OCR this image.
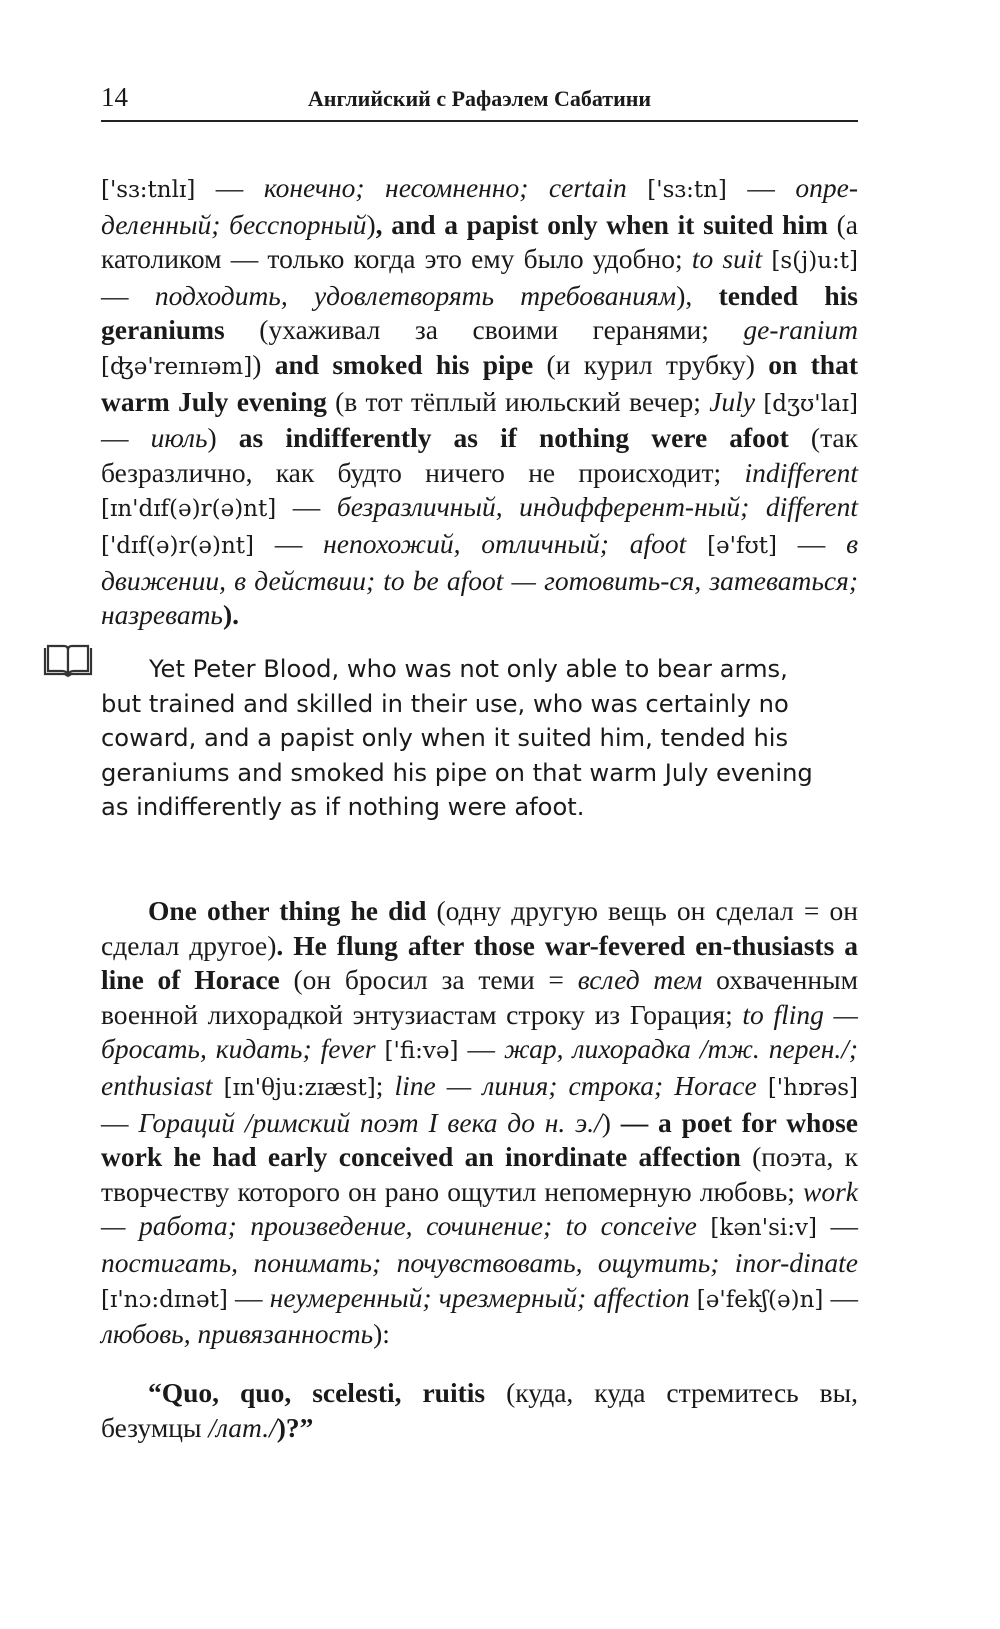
14	Английский с Рафаэлем Сабатини
['sɜ:tnlɪ] — конечно; несомненно; certain ['sɜ:tn] — опре-деленный; бесспорный), and a papist only when it suited him (а католиком — только когда это ему было удобно; to suit [s(j)u:t] — подходить, удовлетворять требованиям), tended his geraniums (ухаживал за своими геранями; ge-ranium [ʤə'reɪnɪəm]) and smoked his pipe (и курил трубку) on that warm July evening (в тот тёплый июльский вечер; July [dʒʊ'laɪ] — июль) as indifferently as if nothing were afoot (так безразлично, как будто ничего не происходит; indifferent [ɪn'dɪf(ə)r(ə)nt] — безразличный, индифферент-ный; different ['dɪf(ə)r(ə)nt] — непохожий, отличный; afoot [ə'fʊt] — в движении, в действии; to be afoot — готовить-ся, затеваться; назревать).
Yet Peter Blood, who was not only able to bear arms,
but trained and skilled in their use, who was certainly no
coward, and a papist only when it suited him, tended his
geraniums and smoked his pipe on that warm July evening
as indifferently as if nothing were afoot.
One other thing he did (одну другую вещь он сделал = он сделал другое). He flung after those war-fevered en-thusiasts a line of Horace (он бросил за теми = вслед тем охваченным военной лихорадкой энтузиастам строку из Горация; to fling — бросать, кидать; fever ['fi:və] — жар, лихорадка /тж. перен./; enthusiast [ɪn'θju:zɪæst]; line — линия; строка; Horace ['hɒrəs] — Гораций /римский поэт I века до н. э./) — a poet for whose work he had early conceived an inordinate affection (поэта, к творчеству которого он рано ощутил непомерную любовь; work — работа; произведение, сочинение; to conceive [kən'si:v] — постигать, понимать; почувствовать, ощутить; inor-dinate [ɪ'nɔ:dɪnət] — неумеренный; чрезмерный; affection [ə'fekʃ(ə)n] — любовь, привязанность):
“Quo, quo, scelesti, ruitis (куда, куда стремитесь вы, безумцы /лат./)?”
